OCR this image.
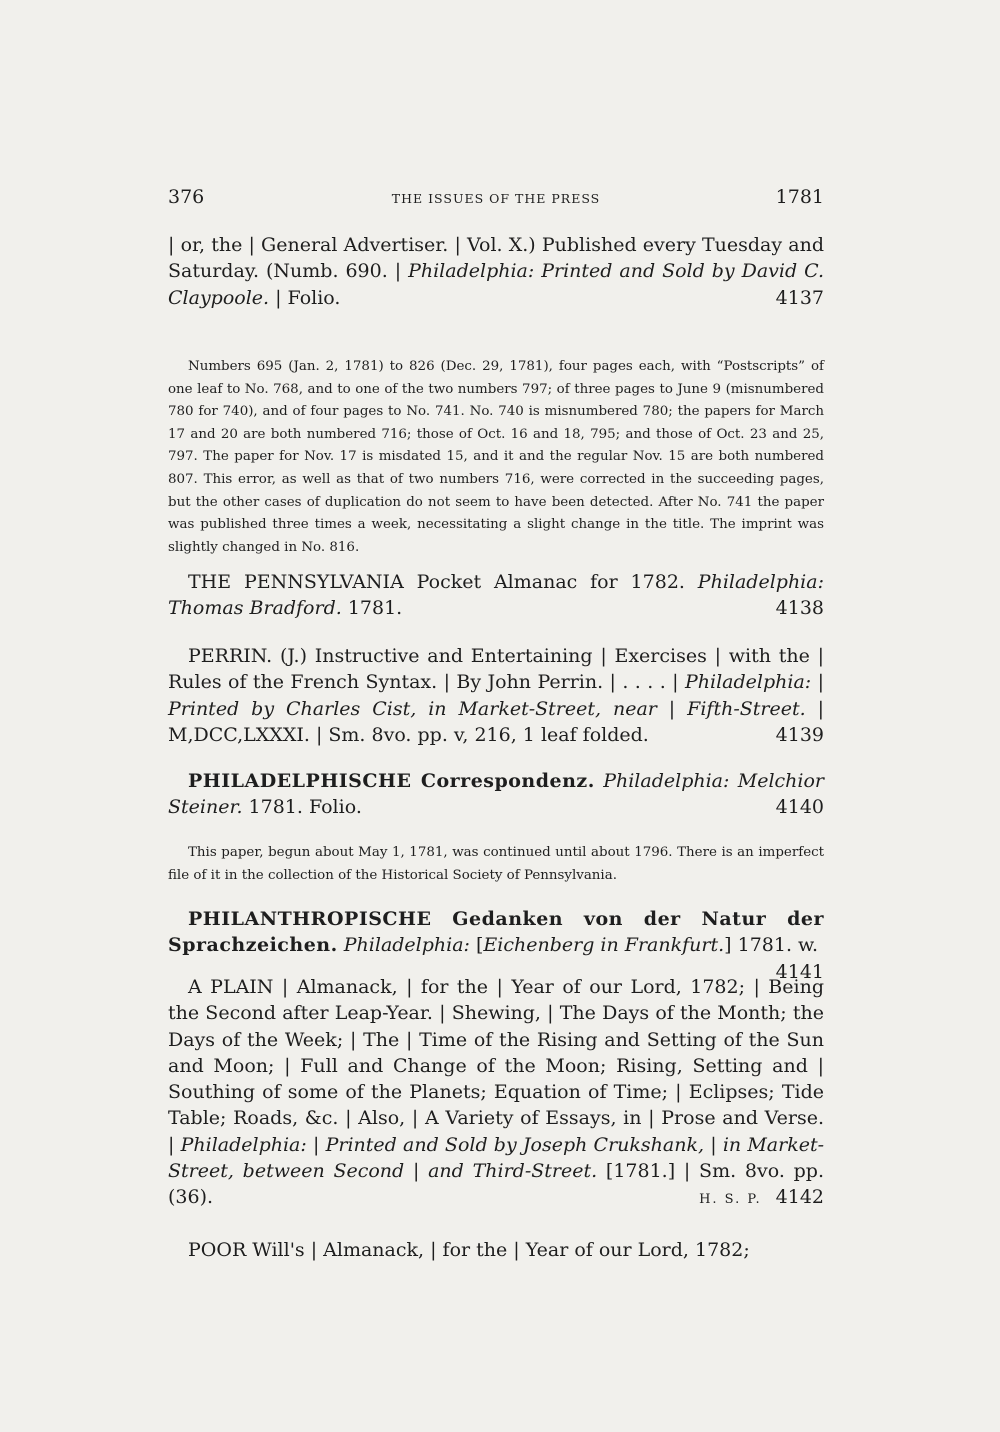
376	THE ISSUES OF THE PRESS	1781
| or, the | General Advertiser. | Vol. X.) Published every Tuesday and Saturday. (Numb. 690. | Philadelphia: Printed and Sold by David C. Claypoole. | Folio.	4137
Numbers 695 (Jan. 2, 1781) to 826 (Dec. 29, 1781), four pages each, with “Postscripts” of one leaf to No. 768, and to one of the two numbers 797; of three pages to June 9 (misnumbered 780 for 740), and of four pages to No. 741. No. 740 is misnumbered 780; the papers for March 17 and 20 are both numbered 716; those of Oct. 16 and 18, 795; and those of Oct. 23 and 25, 797. The paper for Nov. 17 is misdated 15, and it and the regular Nov. 15 are both numbered 807. This error, as well as that of two numbers 716, were corrected in the succeeding pages, but the other cases of duplication do not seem to have been detected. After No. 741 the paper was published three times a week, necessitating a slight change in the title. The imprint was slightly changed in No. 816.
THE PENNSYLVANIA Pocket Almanac for 1782. Philadelphia: Thomas Bradford. 1781.	4138
PERRIN. (J.) Instructive and Entertaining | Exercises | with the | Rules of the French Syntax. | By John Perrin. | . . . . | Philadelphia: | Printed by Charles Cist, in Market-Street, near | Fifth-Street. | M,DCC,LXXXI. | Sm. 8vo. pp. v, 216, 1 leaf folded.	4139
PHILADELPHISCHE Correspondenz. Philadelphia: Melchior Steiner. 1781. Folio.	4140
This paper, begun about May 1, 1781, was continued until about 1796. There is an imperfect file of it in the collection of the Historical Society of Pennsylvania.
PHILANTHROPISCHE Gedanken von der Natur der Sprachzeichen. Philadelphia: [Eichenberg in Frankfurt.] 1781. w.
4141
A PLAIN | Almanack, | for the | Year of our Lord, 1782; | Being the Second after Leap-Year. | Shewing, | The Days of the Month; the Days of the Week; | The | Time of the Rising and Setting of the Sun and Moon; | Full and Change of the Moon; Rising, Setting and | Southing of some of the Planets; Equation of Time; | Eclipses; Tide Table; Roads, &c. | Also, | A Variety of Essays, in | Prose and Verse. | Philadelphia: | Printed and Sold by Joseph Crukshank, | in Market-Street, between Second | and Third-Street. [1781.] | Sm. 8vo. pp. (36).	H. S. P. 4142
POOR Will's | Almanack, | for the | Year of our Lord, 1782;
